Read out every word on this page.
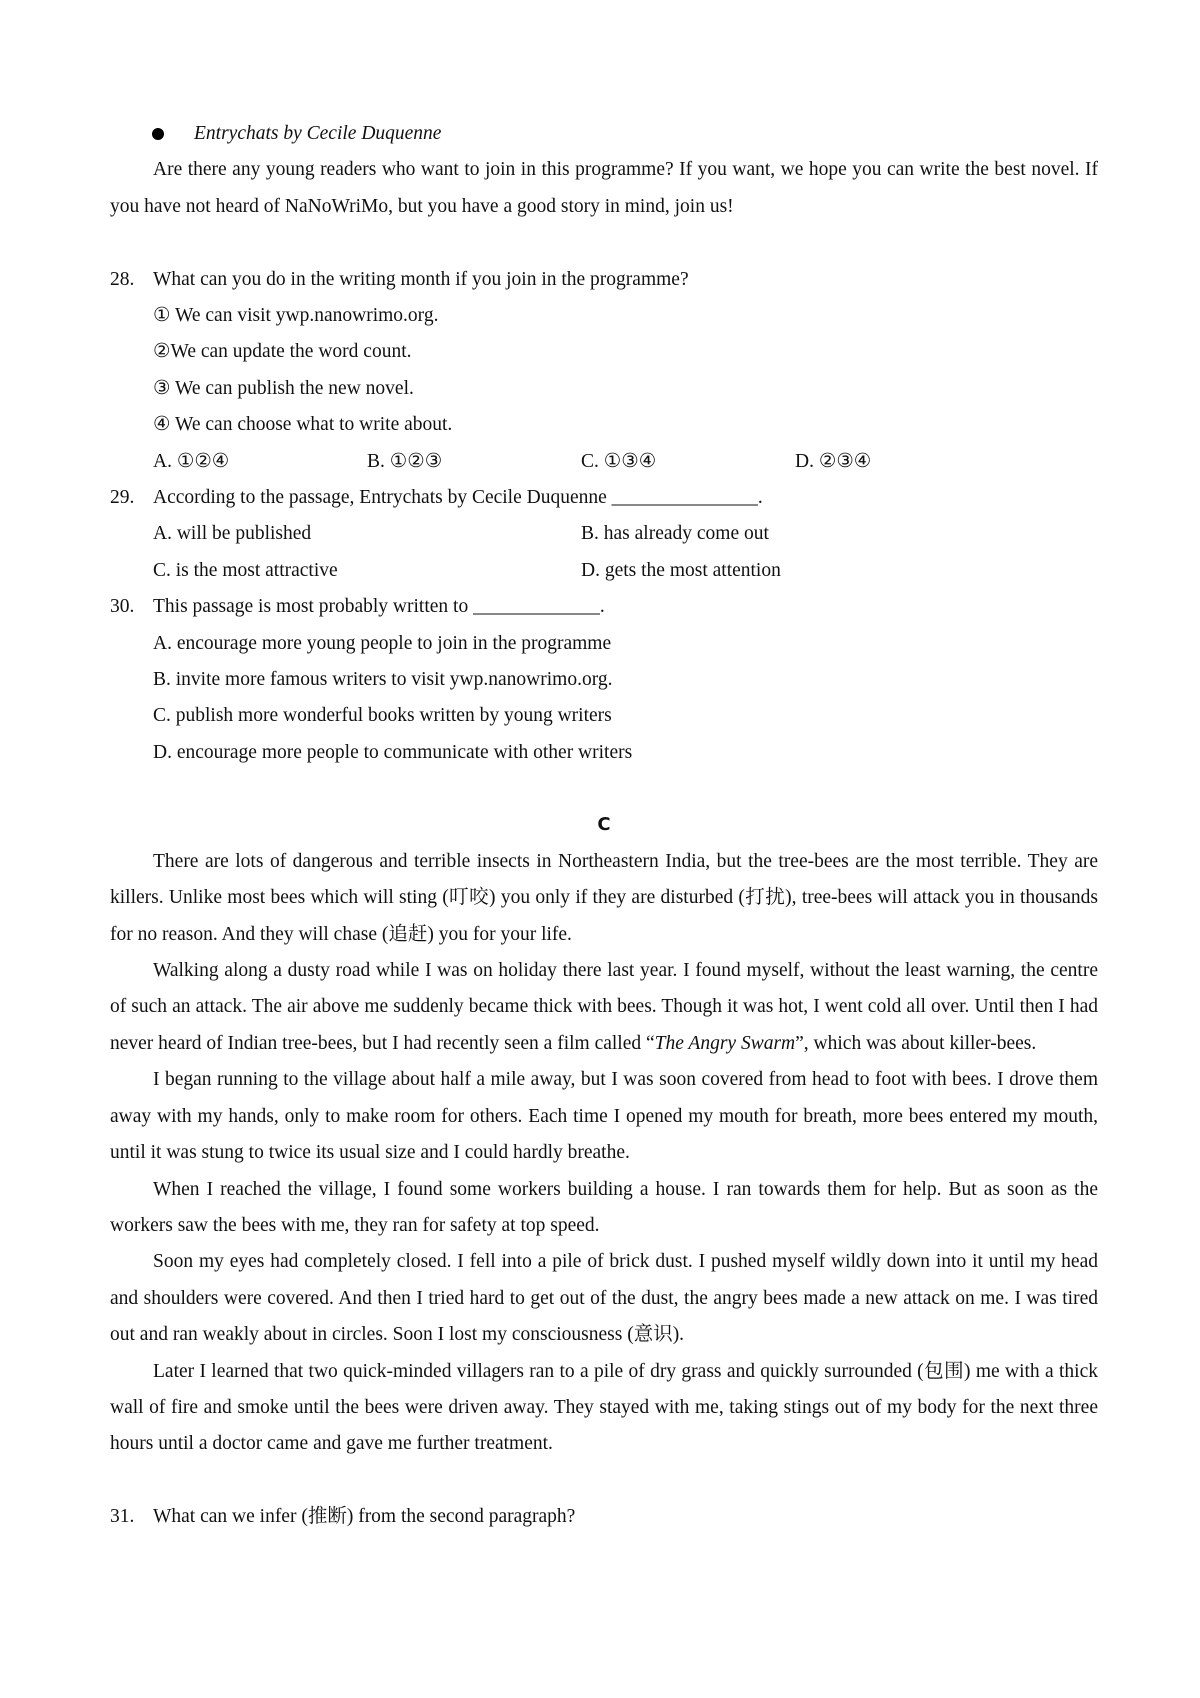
Entrychats by Cecile Duquenne

Are there any young readers who want to join in this programme? If you want, we hope you can write the best novel. If you have not heard of NaNoWriMo, but you have a good story in mind, join us!

28. What can you do in the writing month if you join in the programme?
① We can visit ywp.nanowrimo.org.
②We can update the word count.
③ We can publish the new novel.
④ We can choose what to write about.
A. ①②④	B. ①②③	C. ①③④	D. ②③④
29. According to the passage, Entrychats by Cecile Duquenne _______________.
A. will be published	B. has already come out
C. is the most attractive	D. gets the most attention
30. This passage is most probably written to _____________.
A. encourage more young people to join in the programme
B. invite more famous writers to visit ywp.nanowrimo.org.
C. publish more wonderful books written by young writers
D. encourage more people to communicate with other writers
C

There are lots of dangerous and terrible insects in Northeastern India, but the tree-bees are the most terrible. They are killers. Unlike most bees which will sting (叮咬) you only if they are disturbed (打扰), tree-bees will attack you in thousands for no reason. And they will chase (追赶) you for your life.

Walking along a dusty road while I was on holiday there last year. I found myself, without the least warning, the centre of such an attack. The air above me suddenly became thick with bees. Though it was hot, I went cold all over. Until then I had never heard of Indian tree-bees, but I had recently seen a film called “The Angry Swarm”, which was about killer-bees.

I began running to the village about half a mile away, but I was soon covered from head to foot with bees. I drove them away with my hands, only to make room for others. Each time I opened my mouth for breath, more bees entered my mouth, until it was stung to twice its usual size and I could hardly breathe.

When I reached the village, I found some workers building a house. I ran towards them for help. But as soon as the workers saw the bees with me, they ran for safety at top speed.

Soon my eyes had completely closed. I fell into a pile of brick dust. I pushed myself wildly down into it until my head and shoulders were covered. And then I tried hard to get out of the dust, the angry bees made a new attack on me. I was tired out and ran weakly about in circles. Soon I lost my consciousness (意识).

Later I learned that two quick-minded villagers ran to a pile of dry grass and quickly surrounded (包围) me with a thick wall of fire and smoke until the bees were driven away. They stayed with me, taking stings out of my body for the next three hours until a doctor came and gave me further treatment.

31. What can we infer (推断) from the second paragraph?
